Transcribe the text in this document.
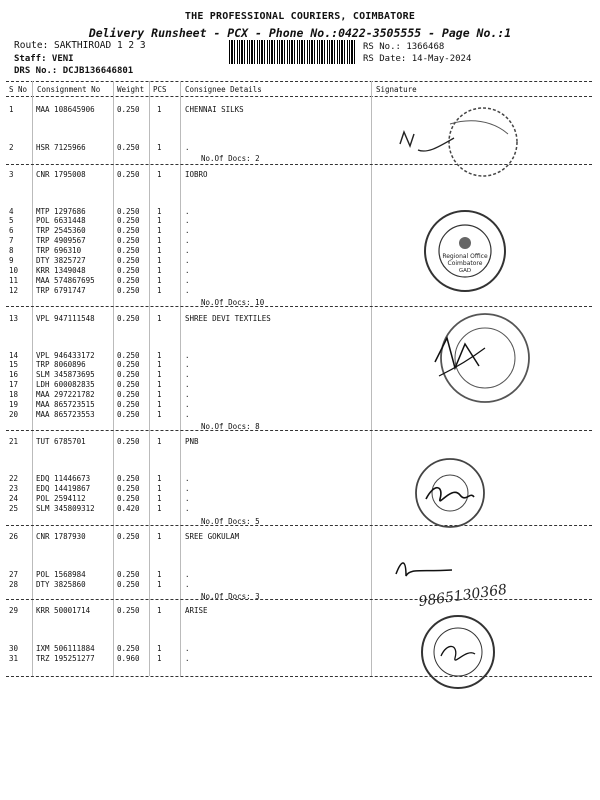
THE PROFESSIONAL COURIERS, COIMBATORE
Delivery Runsheet - PCX - Phone No.:0422-3505555 - Page No.:1
Route: SAKTHIROAD 1 2 3
Staff: VENI
DRS No.: DCJB136646801
RS No.: 1366468
RS Date: 14-May-2024
S No Consignment No Weight PCS Consignee Details	Signature
1	MAA 108645906	0.250 1	CHENNAI SILKS
2	HSR 7125966	0.250 1	.
No.Of Docs: 2
3	CNR 1795008	0.250 1	IOBRO
4	MTP 1297686	0.250 1	.
5	POL 6631448	0.250 1	.
6	TRP 2545360	0.250 1	.
7	TRP 4909567	0.250 1	.
8	TRP 696310	0.250 1	.
9	DTY 3825727	0.250 1	.
10 KRR 1349048	0.250 1	.
11 MAA 574867695	0.250 1	.
12 TRP 6791747	0.250 1	.
No.Of Docs: 10
13 VPL 947111548	0.250 1	SHREE DEVI TEXTILES
14 VPL 946433172	0.250 1	.
15 TRP 8060896	0.250 1	.
16 SLM 345873695	0.250 1	.
17 LDH 600082835	0.250 1	.
18 MAA 297221782	0.250 1	.
19 MAA 865723515	0.250 1	.
20 MAA 865723553	0.250 1	.
No.Of Docs: 8
21 TUT 6785701	0.250 1	PNB
22 EDQ 11446673	0.250 1	.
23 EDQ 14419867	0.250 1	.
24 POL 2594112	0.250 1	.
25 SLM 345809312	0.420 1	.
No.Of Docs: 5
26 CNR 1787930	0.250 1	SREE GOKULAM
27 POL 1568984	0.250 1	.
28 DTY 3825860	0.250 1	.
No.Of Docs: 3
29 KRR 50001714	0.250 1	ARISE
30 IXM 506111884	0.250 1	.
31 TRZ 195251277	0.960 1	.
Regional Office
Coimbatore
GAD
9865130368
